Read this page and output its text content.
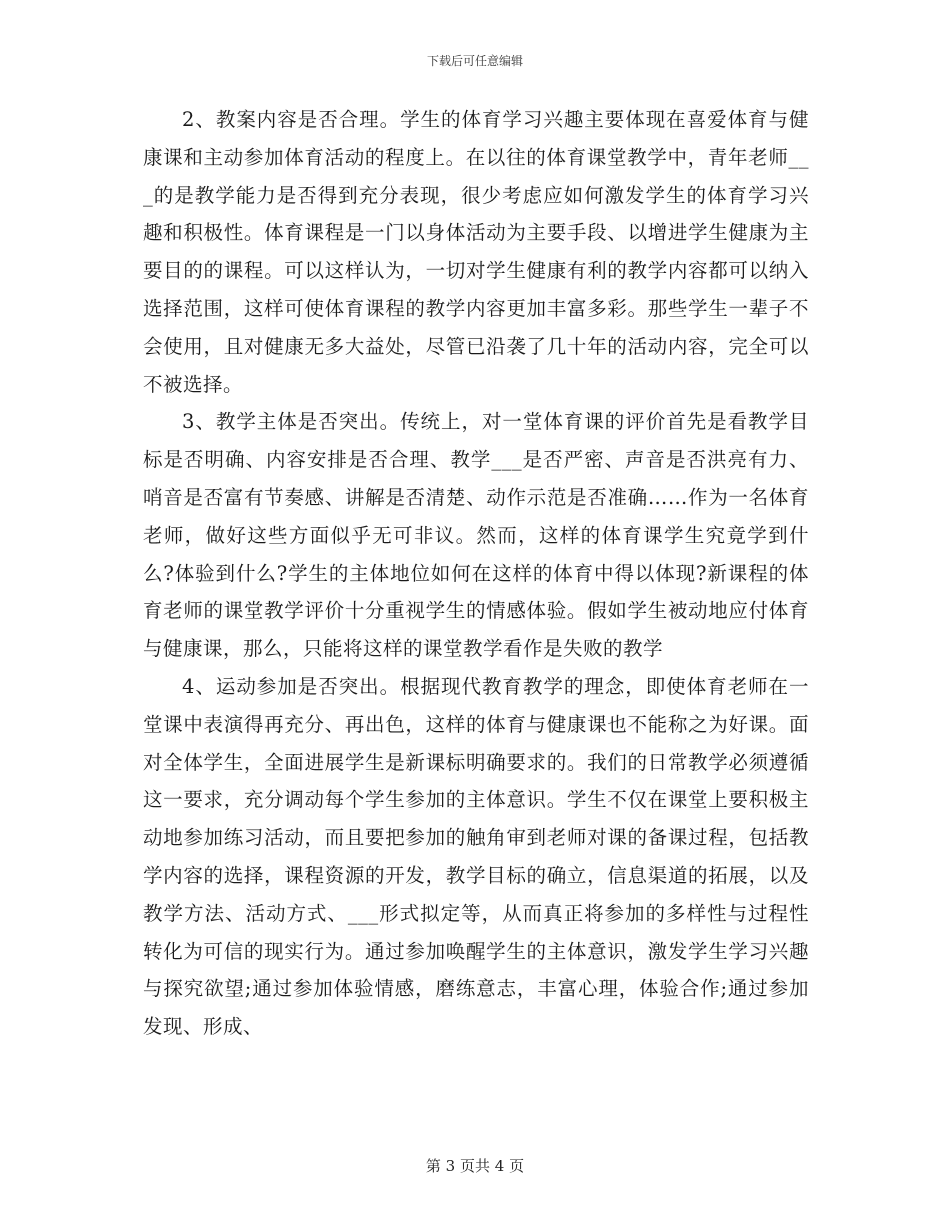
下载后可任意编辑

2、教案内容是否合理。学生的体育学习兴趣主要体现在喜爱体育与健康课和主动参加体育活动的程度上。在以往的体育课堂教学中，青年老师___的是教学能力是否得到充分表现，很少考虑应如何激发学生的体育学习兴趣和积极性。体育课程是一门以身体活动为主要手段、以增进学生健康为主要目的的课程。可以这样认为，一切对学生健康有利的教学内容都可以纳入选择范围，这样可使体育课程的教学内容更加丰富多彩。那些学生一辈子不会使用，且对健康无多大益处，尽管已沿袭了几十年的活动内容，完全可以不被选择。

3、教学主体是否突出。传统上，对一堂体育课的评价首先是看教学目标是否明确、内容安排是否合理、教学___是否严密、声音是否洪亮有力、哨音是否富有节奏感、讲解是否清楚、动作示范是否准确……作为一名体育老师，做好这些方面似乎无可非议。然而，这样的体育课学生究竟学到什么?体验到什么?学生的主体地位如何在这样的体育中得以体现?新课程的体育老师的课堂教学评价十分重视学生的情感体验。假如学生被动地应付体育与健康课，那么，只能将这样的课堂教学看作是失败的教学

4、运动参加是否突出。根据现代教育教学的理念，即使体育老师在一堂课中表演得再充分、再出色，这样的体育与健康课也不能称之为好课。面对全体学生，全面进展学生是新课标明确要求的。我们的日常教学必须遵循这一要求，充分调动每个学生参加的主体意识。学生不仅在课堂上要积极主动地参加练习活动，而且要把参加的触角审到老师对课的备课过程，包括教学内容的选择，课程资源的开发，教学目标的确立，信息渠道的拓展，以及教学方法、活动方式、___形式拟定等，从而真正将参加的多样性与过程性转化为可信的现实行为。通过参加唤醒学生的主体意识，激发学生学习兴趣与探究欲望;通过参加体验情感，磨练意志，丰富心理，体验合作;通过参加发现、形成、

第 3 页共 4 页
